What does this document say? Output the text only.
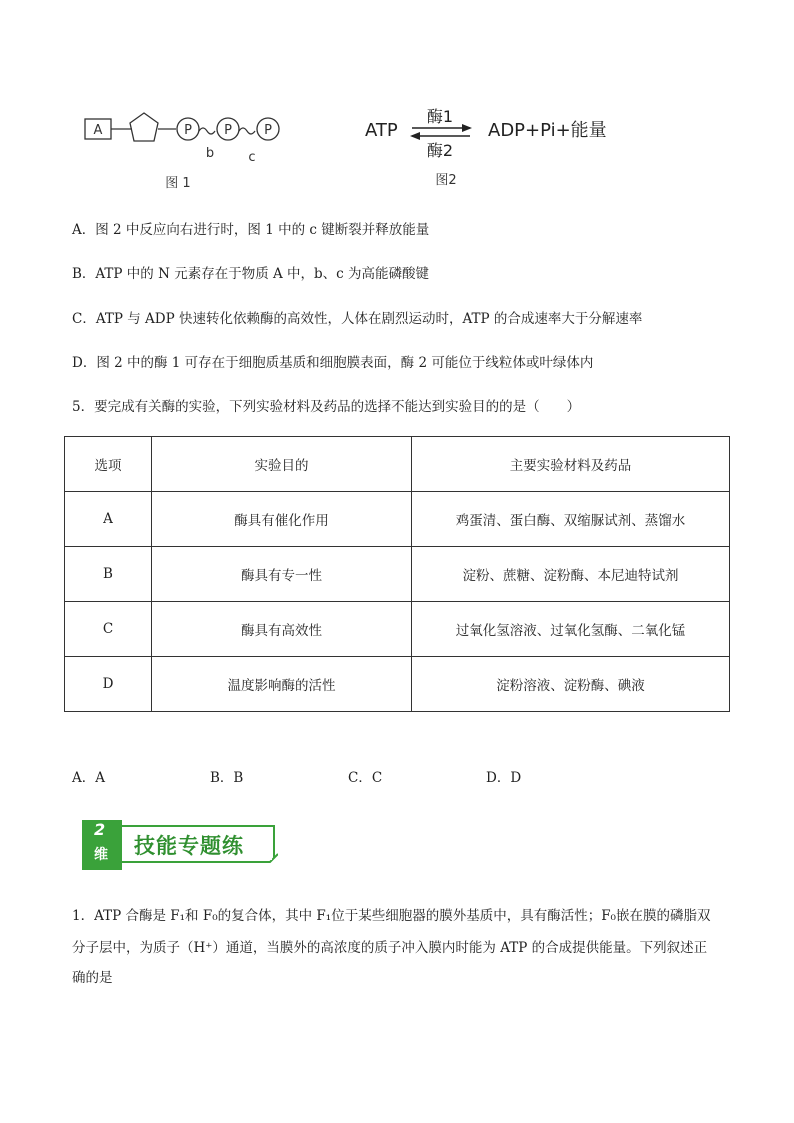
A	P P P
b	c
图 1
ATP
酶1
酶2
ADP+Pi+能量
图2
A．图 2 中反应向右进行时，图 1 中的 c 键断裂并释放能量
B．ATP 中的 N 元素存在于物质 A 中，b、c 为高能磷酸键
C．ATP 与 ADP 快速转化依赖酶的高效性，人体在剧烈运动时，ATP 的合成速率大于分解速率
D．图 2 中的酶 1 可存在于细胞质基质和细胞膜表面，酶 2 可能位于线粒体或叶绿体内
5．要完成有关酶的实验，下列实验材料及药品的选择不能达到实验目的的是（　　）
选项	实验目的	主要实验材料及药品
A	酶具有催化作用	鸡蛋清、蛋白酶、双缩脲试剂、蒸馏水
B	酶具有专一性	淀粉、蔗糖、淀粉酶、本尼迪特试剂
C	酶具有高效性	过氧化氢溶液、过氧化氢酶、二氧化锰
D	温度影响酶的活性	淀粉溶液、淀粉酶、碘液
A．A	B．B	C．C	D．D
2
维 技能专题练
1．ATP 合酶是 F₁和 F₀的复合体，其中 F₁位于某些细胞器的膜外基质中，具有酶活性；F₀嵌在膜的磷脂双
分子层中，为质子（H⁺）通道，当膜外的高浓度的质子冲入膜内时能为 ATP 的合成提供能量。下列叙述正
确的是
